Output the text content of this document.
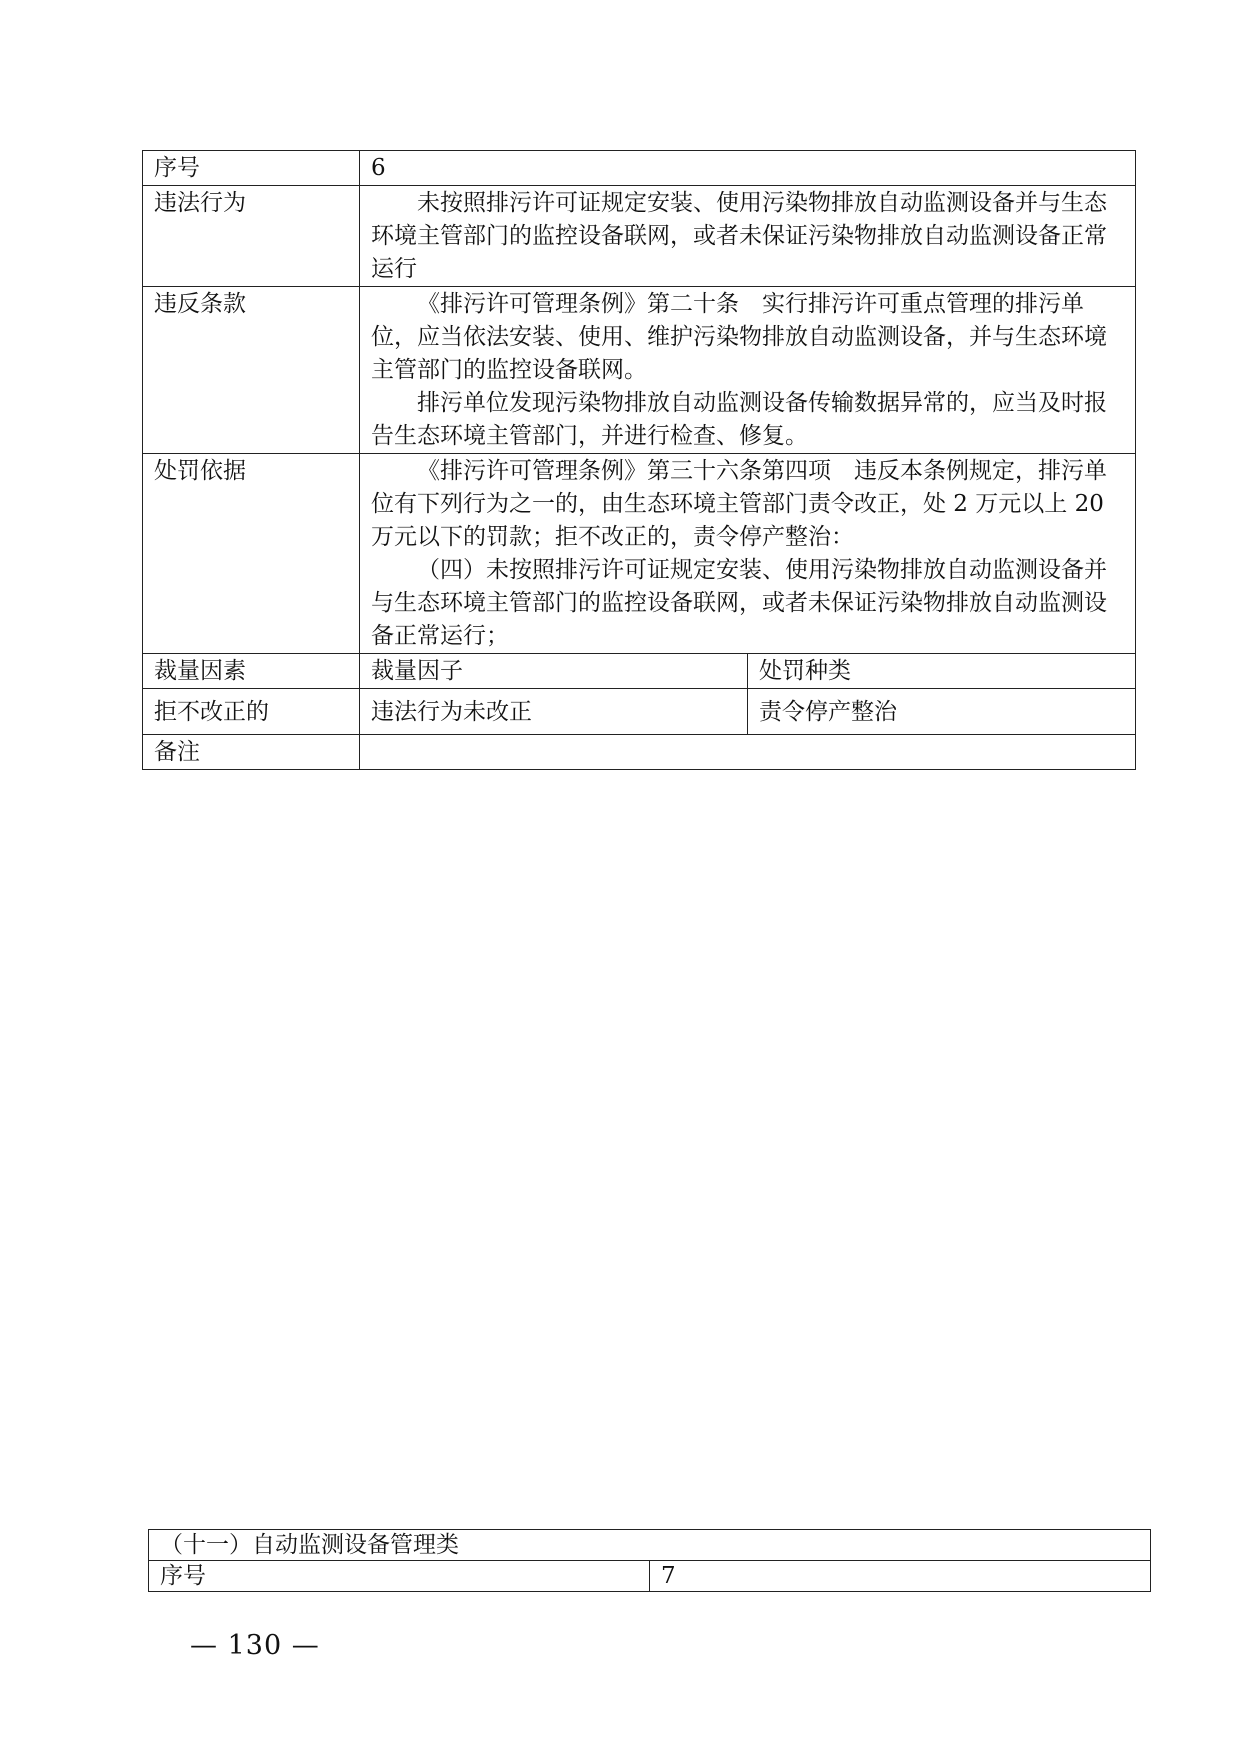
序号	6	
违法行为	未按照排污许可证规定安装、使用污染物排放自动监测设备并与生态环境主管部门的监控设备联网，或者未保证污染物排放自动监测设备正常运行	

违反条款	《排污许可管理条例》第二十条　实行排污许可重点管理的排污单位，应当依法安装、使用、维护污染物排放自动监测设备，并与生态环境主管部门的监控设备联网。
排污单位发现污染物排放自动监测设备传输数据异常的，应当及时报告生态环境主管部门，并进行检查、修复。	

处罚依据	《排污许可管理条例》第三十六条第四项　违反本条例规定，排污单位有下列行为之一的，由生态环境主管部门责令改正，处 2 万元以上 20 万元以下的罚款；拒不改正的，责令停产整治：
（四）未按照排污许可证规定安装、使用污染物排放自动监测设备并与生态环境主管部门的监控设备联网，或者未保证污染物排放自动监测设备正常运行；	

裁量因素	裁量因子	处罚种类
拒不改正的	违法行为未改正	责令停产整治
备注		
（十一）自动监测设备管理类
序号	7
— 130 —
